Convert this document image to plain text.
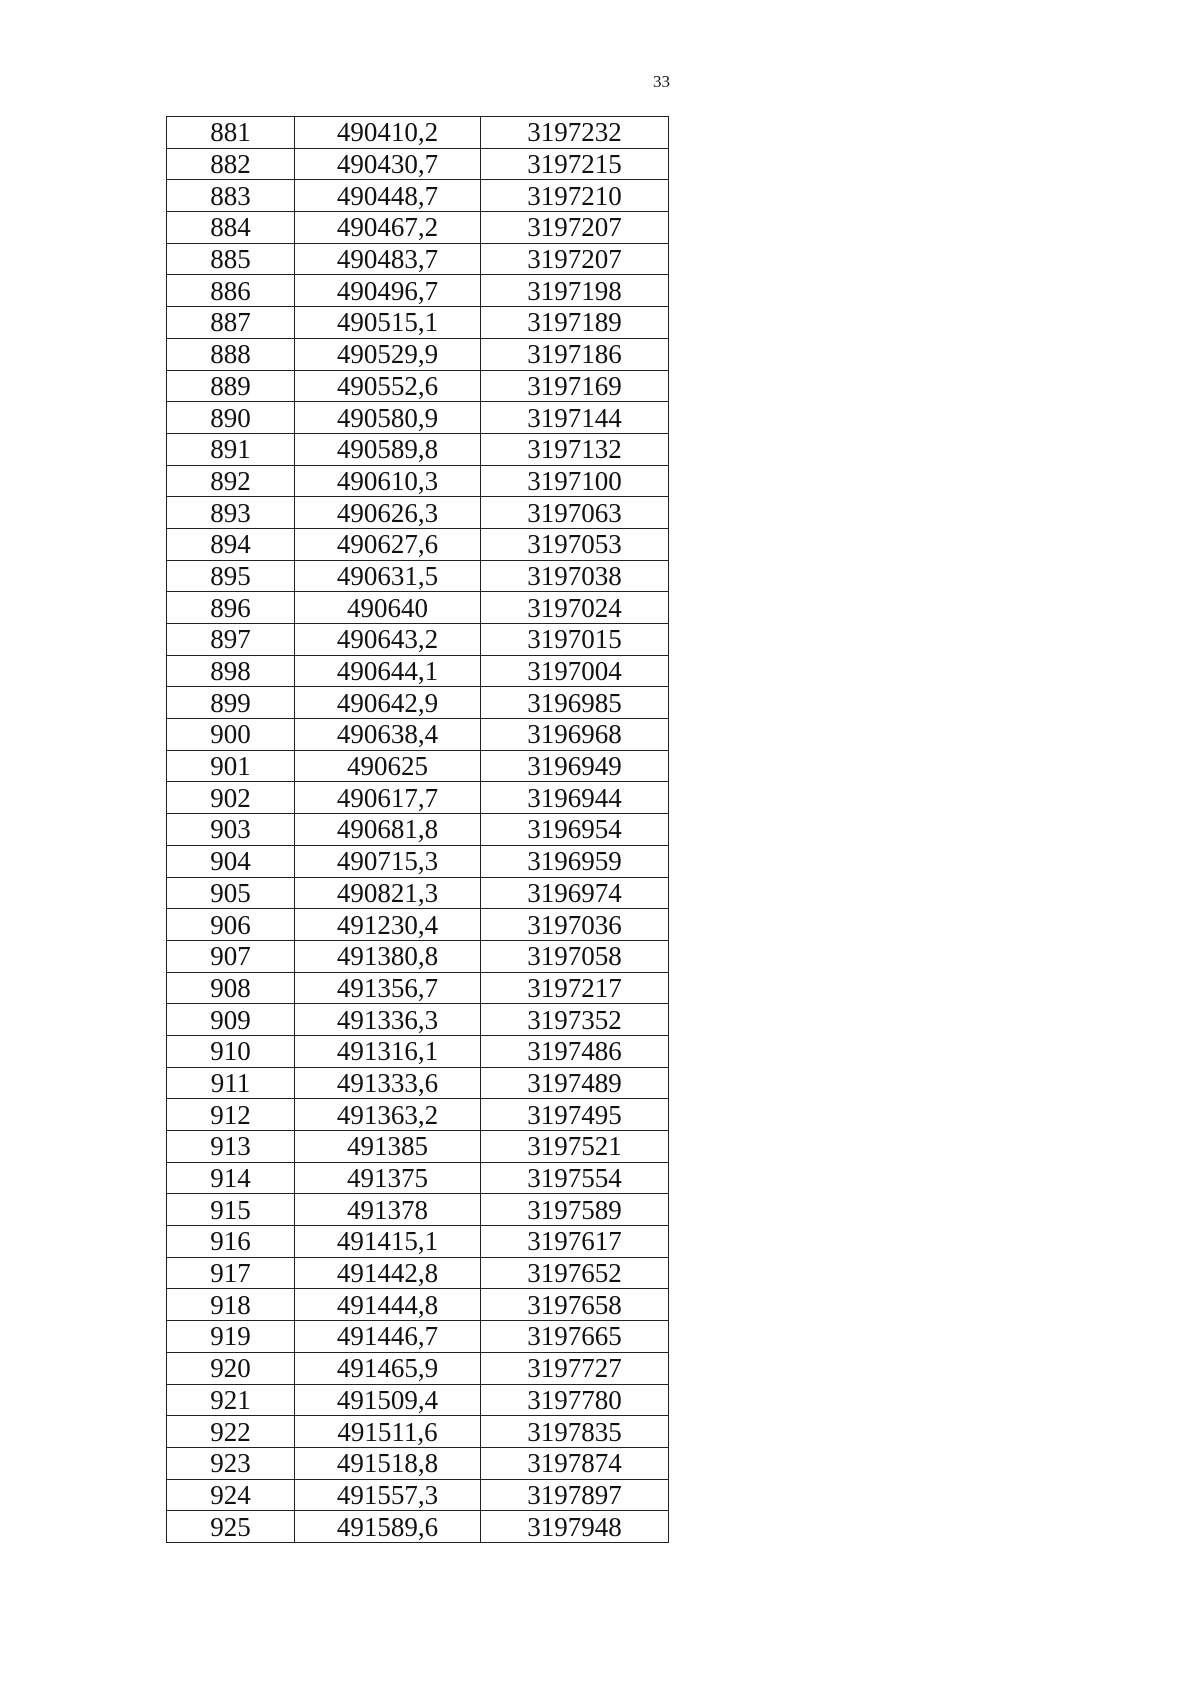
33
881	490410,2	3197232
882	490430,7	3197215
883	490448,7	3197210
884	490467,2	3197207
885	490483,7	3197207
886	490496,7	3197198
887	490515,1	3197189
888	490529,9	3197186
889	490552,6	3197169
890	490580,9	3197144
891	490589,8	3197132
892	490610,3	3197100
893	490626,3	3197063
894	490627,6	3197053
895	490631,5	3197038
896	490640	3197024
897	490643,2	3197015
898	490644,1	3197004
899	490642,9	3196985
900	490638,4	3196968
901	490625	3196949
902	490617,7	3196944
903	490681,8	3196954
904	490715,3	3196959
905	490821,3	3196974
906	491230,4	3197036
907	491380,8	3197058
908	491356,7	3197217
909	491336,3	3197352
910	491316,1	3197486
911	491333,6	3197489
912	491363,2	3197495
913	491385	3197521
914	491375	3197554
915	491378	3197589
916	491415,1	3197617
917	491442,8	3197652
918	491444,8	3197658
919	491446,7	3197665
920	491465,9	3197727
921	491509,4	3197780
922	491511,6	3197835
923	491518,8	3197874
924	491557,3	3197897
925	491589,6	3197948
